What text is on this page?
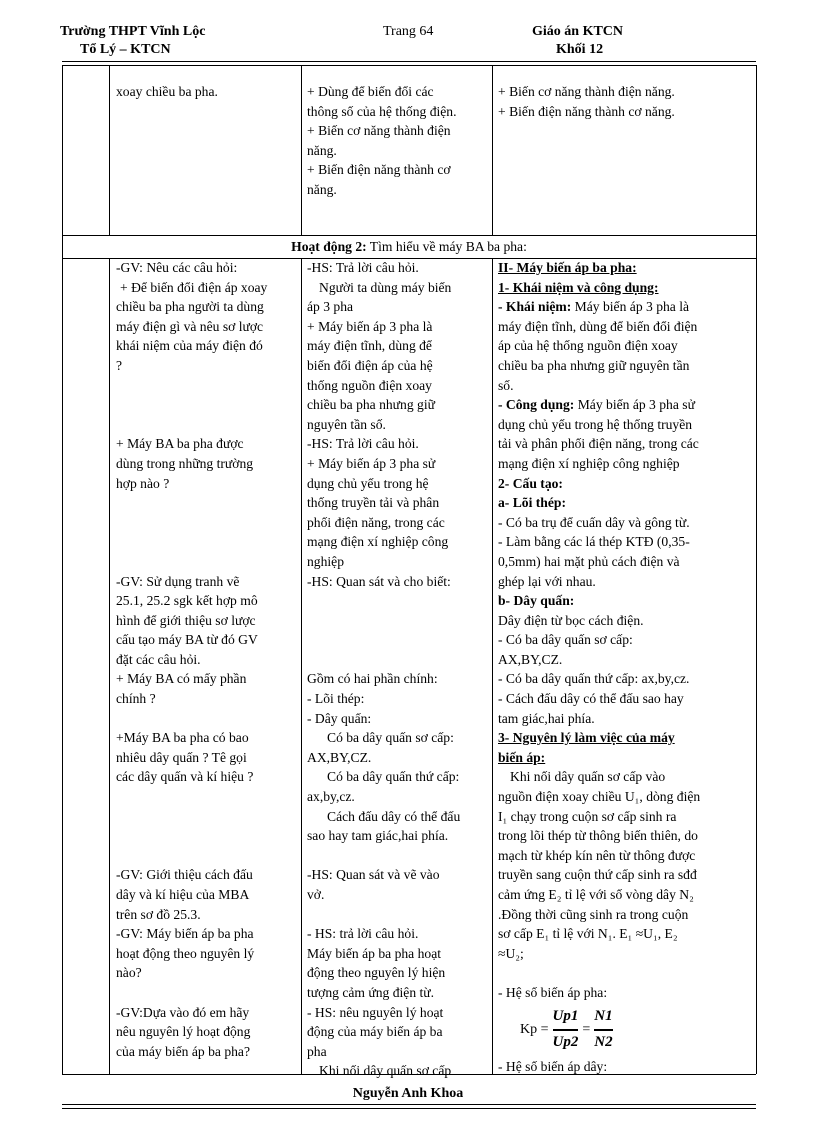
Trường THPT Vĩnh Lộc
Tổ Lý – KTCN
Trang 64	Giáo án KTCN
Khối 12

xoay chiều ba pha.	+ Dùng để biến đổi các

thông số của hệ thống điện.

+ Biến cơ năng thành điện

năng.

+ Biến điện năng thành cơ

năng.

+ Biến cơ năng thành điện năng.

+ Biến điện năng thành cơ năng.

Hoạt động 2: Tìm hiểu về máy BA ba pha:

-GV: Nêu các câu hỏi:

+ Để biến đổi điện áp xoay

chiều ba pha người ta dùng

máy điện gì và nêu sơ lược

khái niệm của máy điện đó

?

+ Máy BA ba pha được

dùng trong những trường

hợp nào ?

-GV: Sử dụng tranh vẽ

25.1, 25.2 sgk kết hợp mô

hình để giới thiệu sơ lược

cấu tạo máy BA từ đó GV

đặt các câu hỏi.

+ Máy BA có mấy phần

chính ?

+Máy BA ba pha có bao

nhiêu dây quấn ? Tê gọi

các dây quấn và kí hiệu ?

-GV: Giới thiệu cách đấu

dây và kí hiệu của MBA

trên sơ đồ 25.3.

-GV: Máy biến áp ba pha

hoạt động theo nguyên lý

nào?

-GV:Dựa vào đó em hãy

nêu nguyên lý hoạt động

của máy biến áp ba pha?

-HS: Trả lời câu hỏi.

Người ta dùng máy biến

áp 3 pha

+ Máy biến áp 3 pha là

máy điện tĩnh, dùng để

biến đổi điện áp của hệ

thống nguồn điện xoay

chiều ba pha nhưng giữ

nguyên tần số.

-HS: Trả lời câu hỏi.

+ Máy biến áp 3 pha sử

dụng chủ yếu trong hệ

thống truyền tải và phân

phối điện năng, trong các

mạng điện xí nghiệp công

nghiệp

-HS: Quan sát và cho biết:

Gồm có hai phần chính:

- Lõi thép:

- Dây quấn:

Có ba dây quấn sơ cấp:

AX,BY,CZ.

Có ba dây quấn thứ cấp:

ax,by,cz.

Cách đấu dây có thể đấu

sao hay tam giác,hai phía.

-HS: Quan sát và vẽ vào

vở.

- HS: trả lời câu hỏi.

Máy biến áp ba pha hoạt

động theo nguyên lý hiện

tượng cảm ứng điện từ.

- HS: nêu nguyên lý hoạt

động của máy biến áp ba

pha

Khi nối dây quấn sơ cấp

II- Máy biến áp ba pha:

1- Khái niệm và công dụng:

- Khái niệm: Máy biến áp 3 pha là

máy điện tĩnh, dùng để biến đổi điện

áp của hệ thống nguồn điện xoay

chiều ba pha nhưng giữ nguyên tần

số.

- Công dụng: Máy biến áp 3 pha sử

dụng chủ yếu trong hệ thống truyền

tải và phân phối điện năng, trong các

mạng điện xí nghiệp công nghiệp

2- Cấu tạo:

a- Lõi thép:

- Có ba trụ để cuấn dây và gông từ.

- Làm bằng các lá thép KTĐ (0,35-

0,5mm) hai mặt phủ cách điện và

ghép lại với nhau.

b- Dây quấn:

Dây điện từ bọc cách điện.

- Có ba dây quấn sơ cấp:

AX,BY,CZ.

- Có ba dây quấn thứ cấp: ax,by,cz.

- Cách đấu dây có thể đấu sao hay

tam giác,hai phía.

3- Nguyên lý làm việc của máy

biến áp:

Khi nối dây quấn sơ cấp vào

nguồn điện xoay chiều U₁, dòng điện

I₁ chạy trong cuộn sơ cấp sinh ra

trong lõi thép từ thông biến thiên, do

mạch từ khép kín nên từ thông được

truyền sang cuộn thứ cấp sinh ra sđđ

cảm ứng E₂ tỉ lệ với số vòng dây N₂

.Đồng thời cũng sinh ra trong cuộn

sơ cấp E₁ tỉ lệ với N₁. E₁ ≈U₁, E₂

≈U₂;

- Hệ số biến áp pha:

$Kp = \frac{Up1}{Up2} = \frac{N1}{N2}$

- Hệ số biến áp dây:

Nguyễn Anh Khoa
